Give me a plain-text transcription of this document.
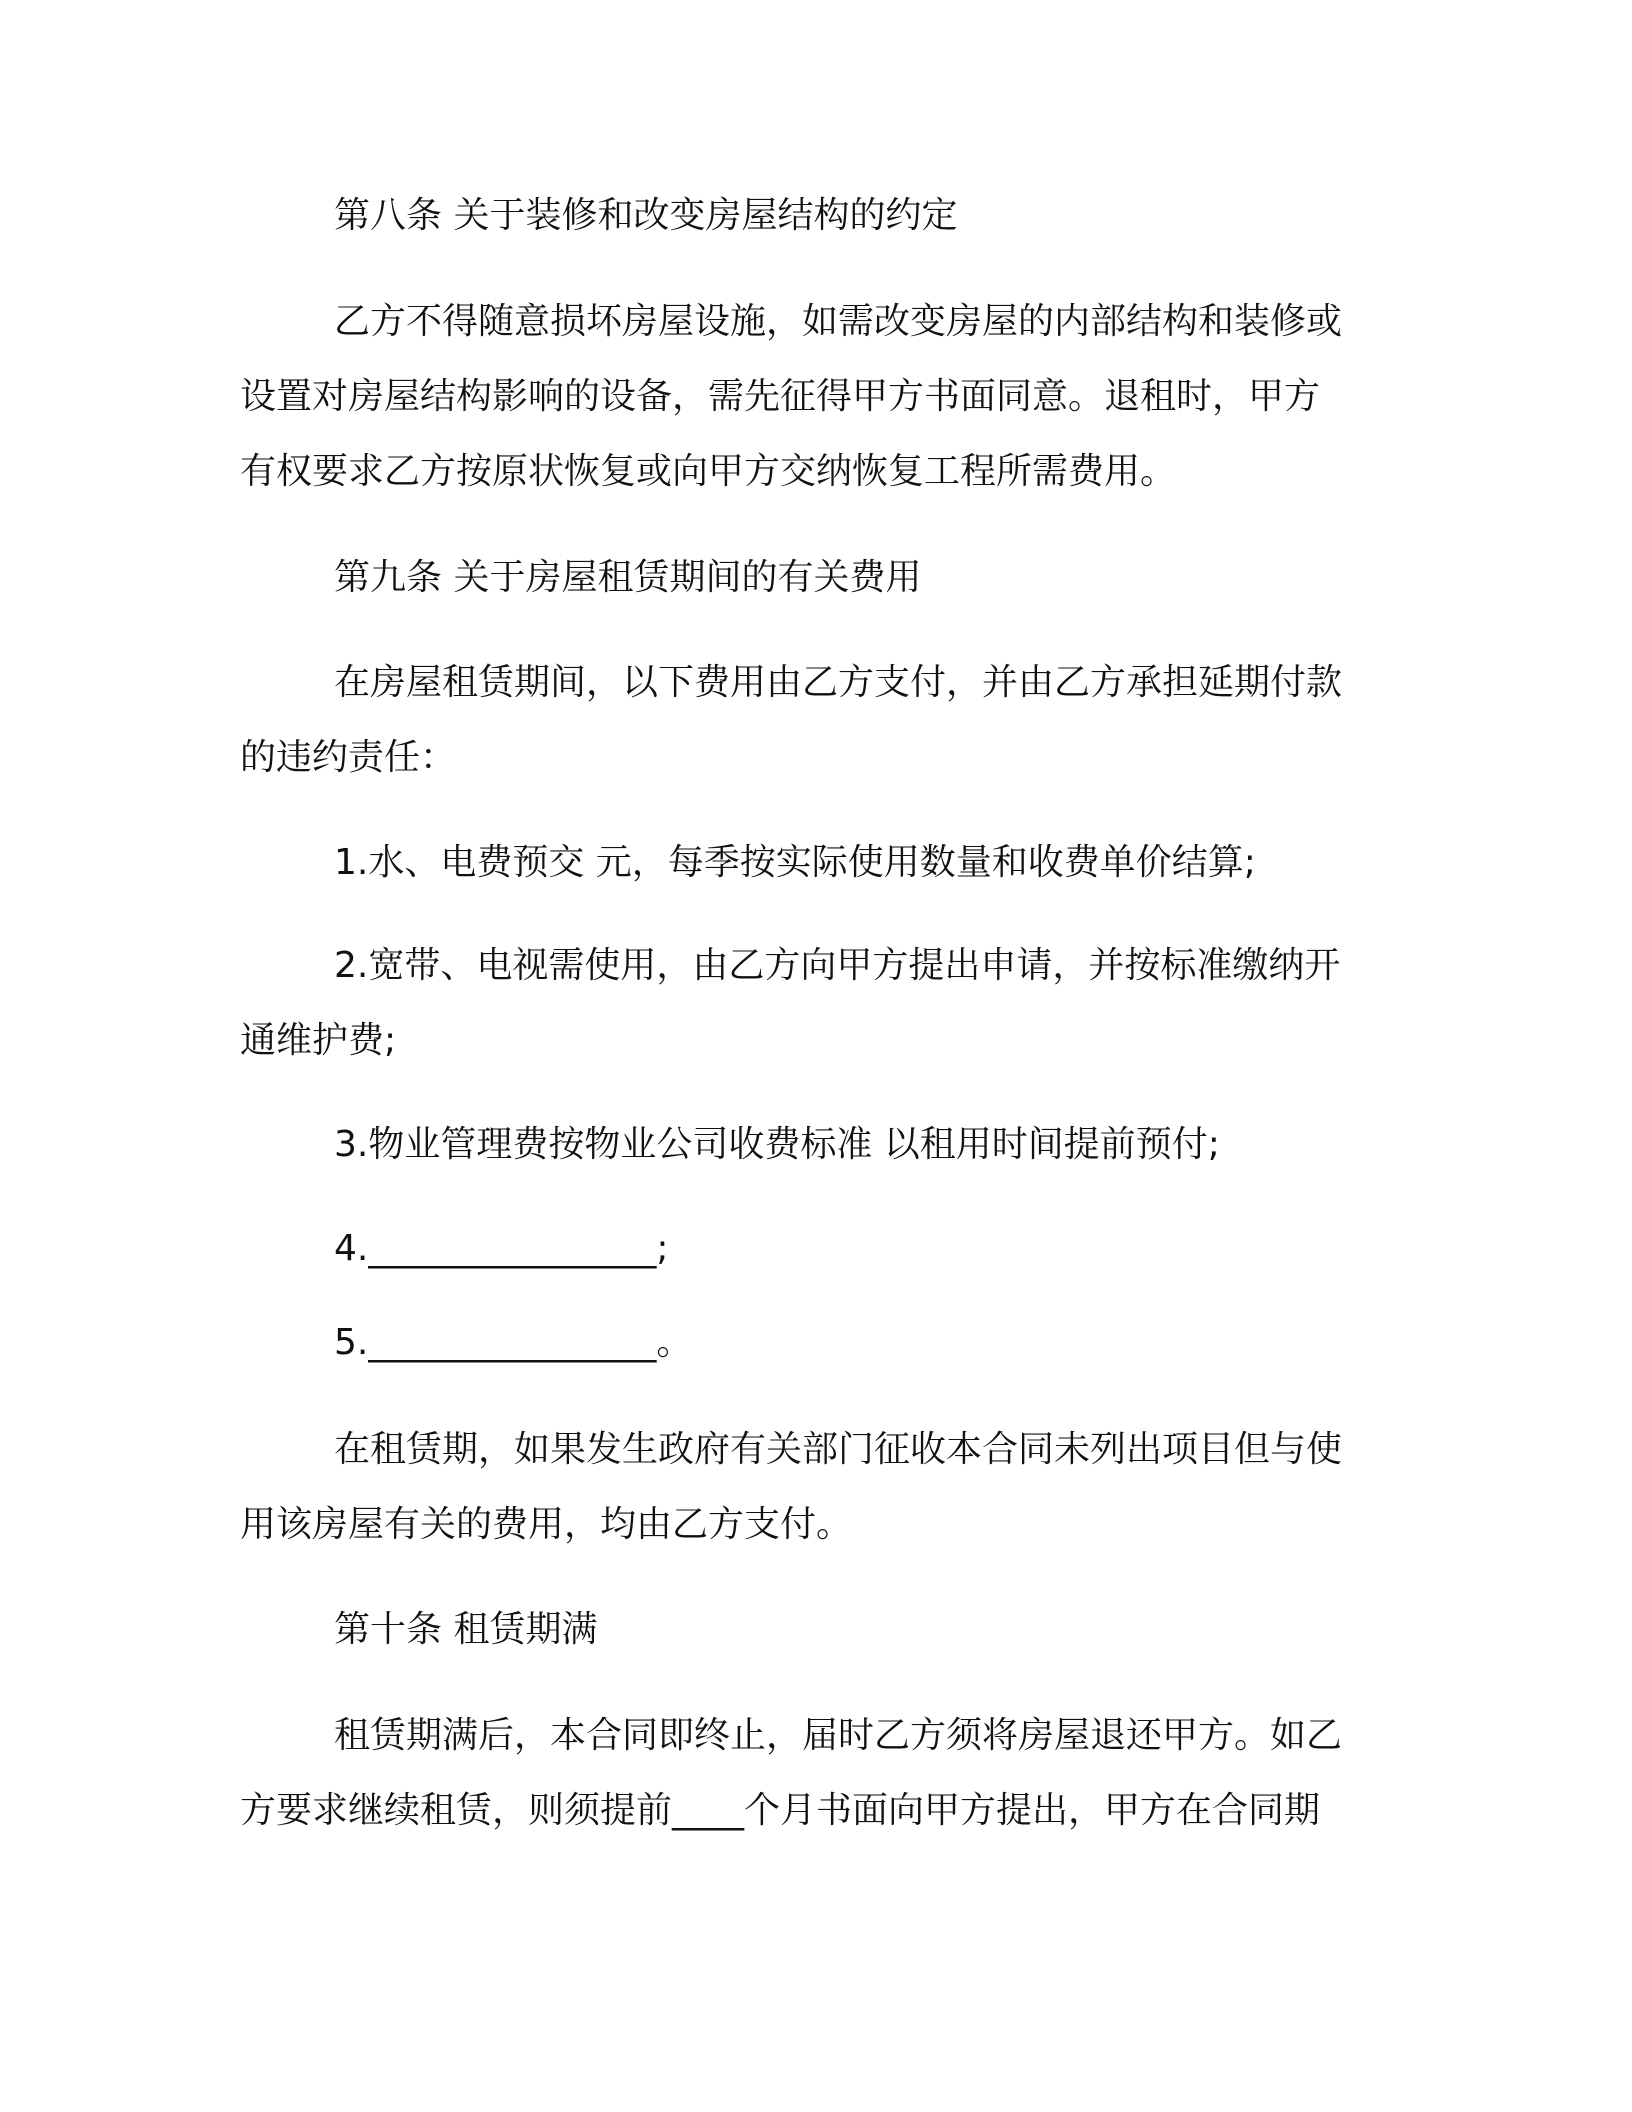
第八条 关于装修和改变房屋结构的约定
乙方不得随意损坏房屋设施，如需改变房屋的内部结构和装修或
设置对房屋结构影响的设备，需先征得甲方书面同意。退租时，甲方
有权要求乙方按原状恢复或向甲方交纳恢复工程所需费用。
第九条 关于房屋租赁期间的有关费用
在房屋租赁期间，以下费用由乙方支付，并由乙方承担延期付款
的违约责任：
1.水、电费预交 元，每季按实际使用数量和收费单价结算;
2.宽带、电视需使用，由乙方向甲方提出申请，并按标准缴纳开
通维护费;
3.物业管理费按物业公司收费标准 以租用时间提前预付;
4.________________;
5.________________。
在租赁期，如果发生政府有关部门征收本合同未列出项目但与使
用该房屋有关的费用，均由乙方支付。
第十条 租赁期满
租赁期满后，本合同即终止，届时乙方须将房屋退还甲方。如乙
方要求继续租赁，则须提前____个月书面向甲方提出，甲方在合同期
